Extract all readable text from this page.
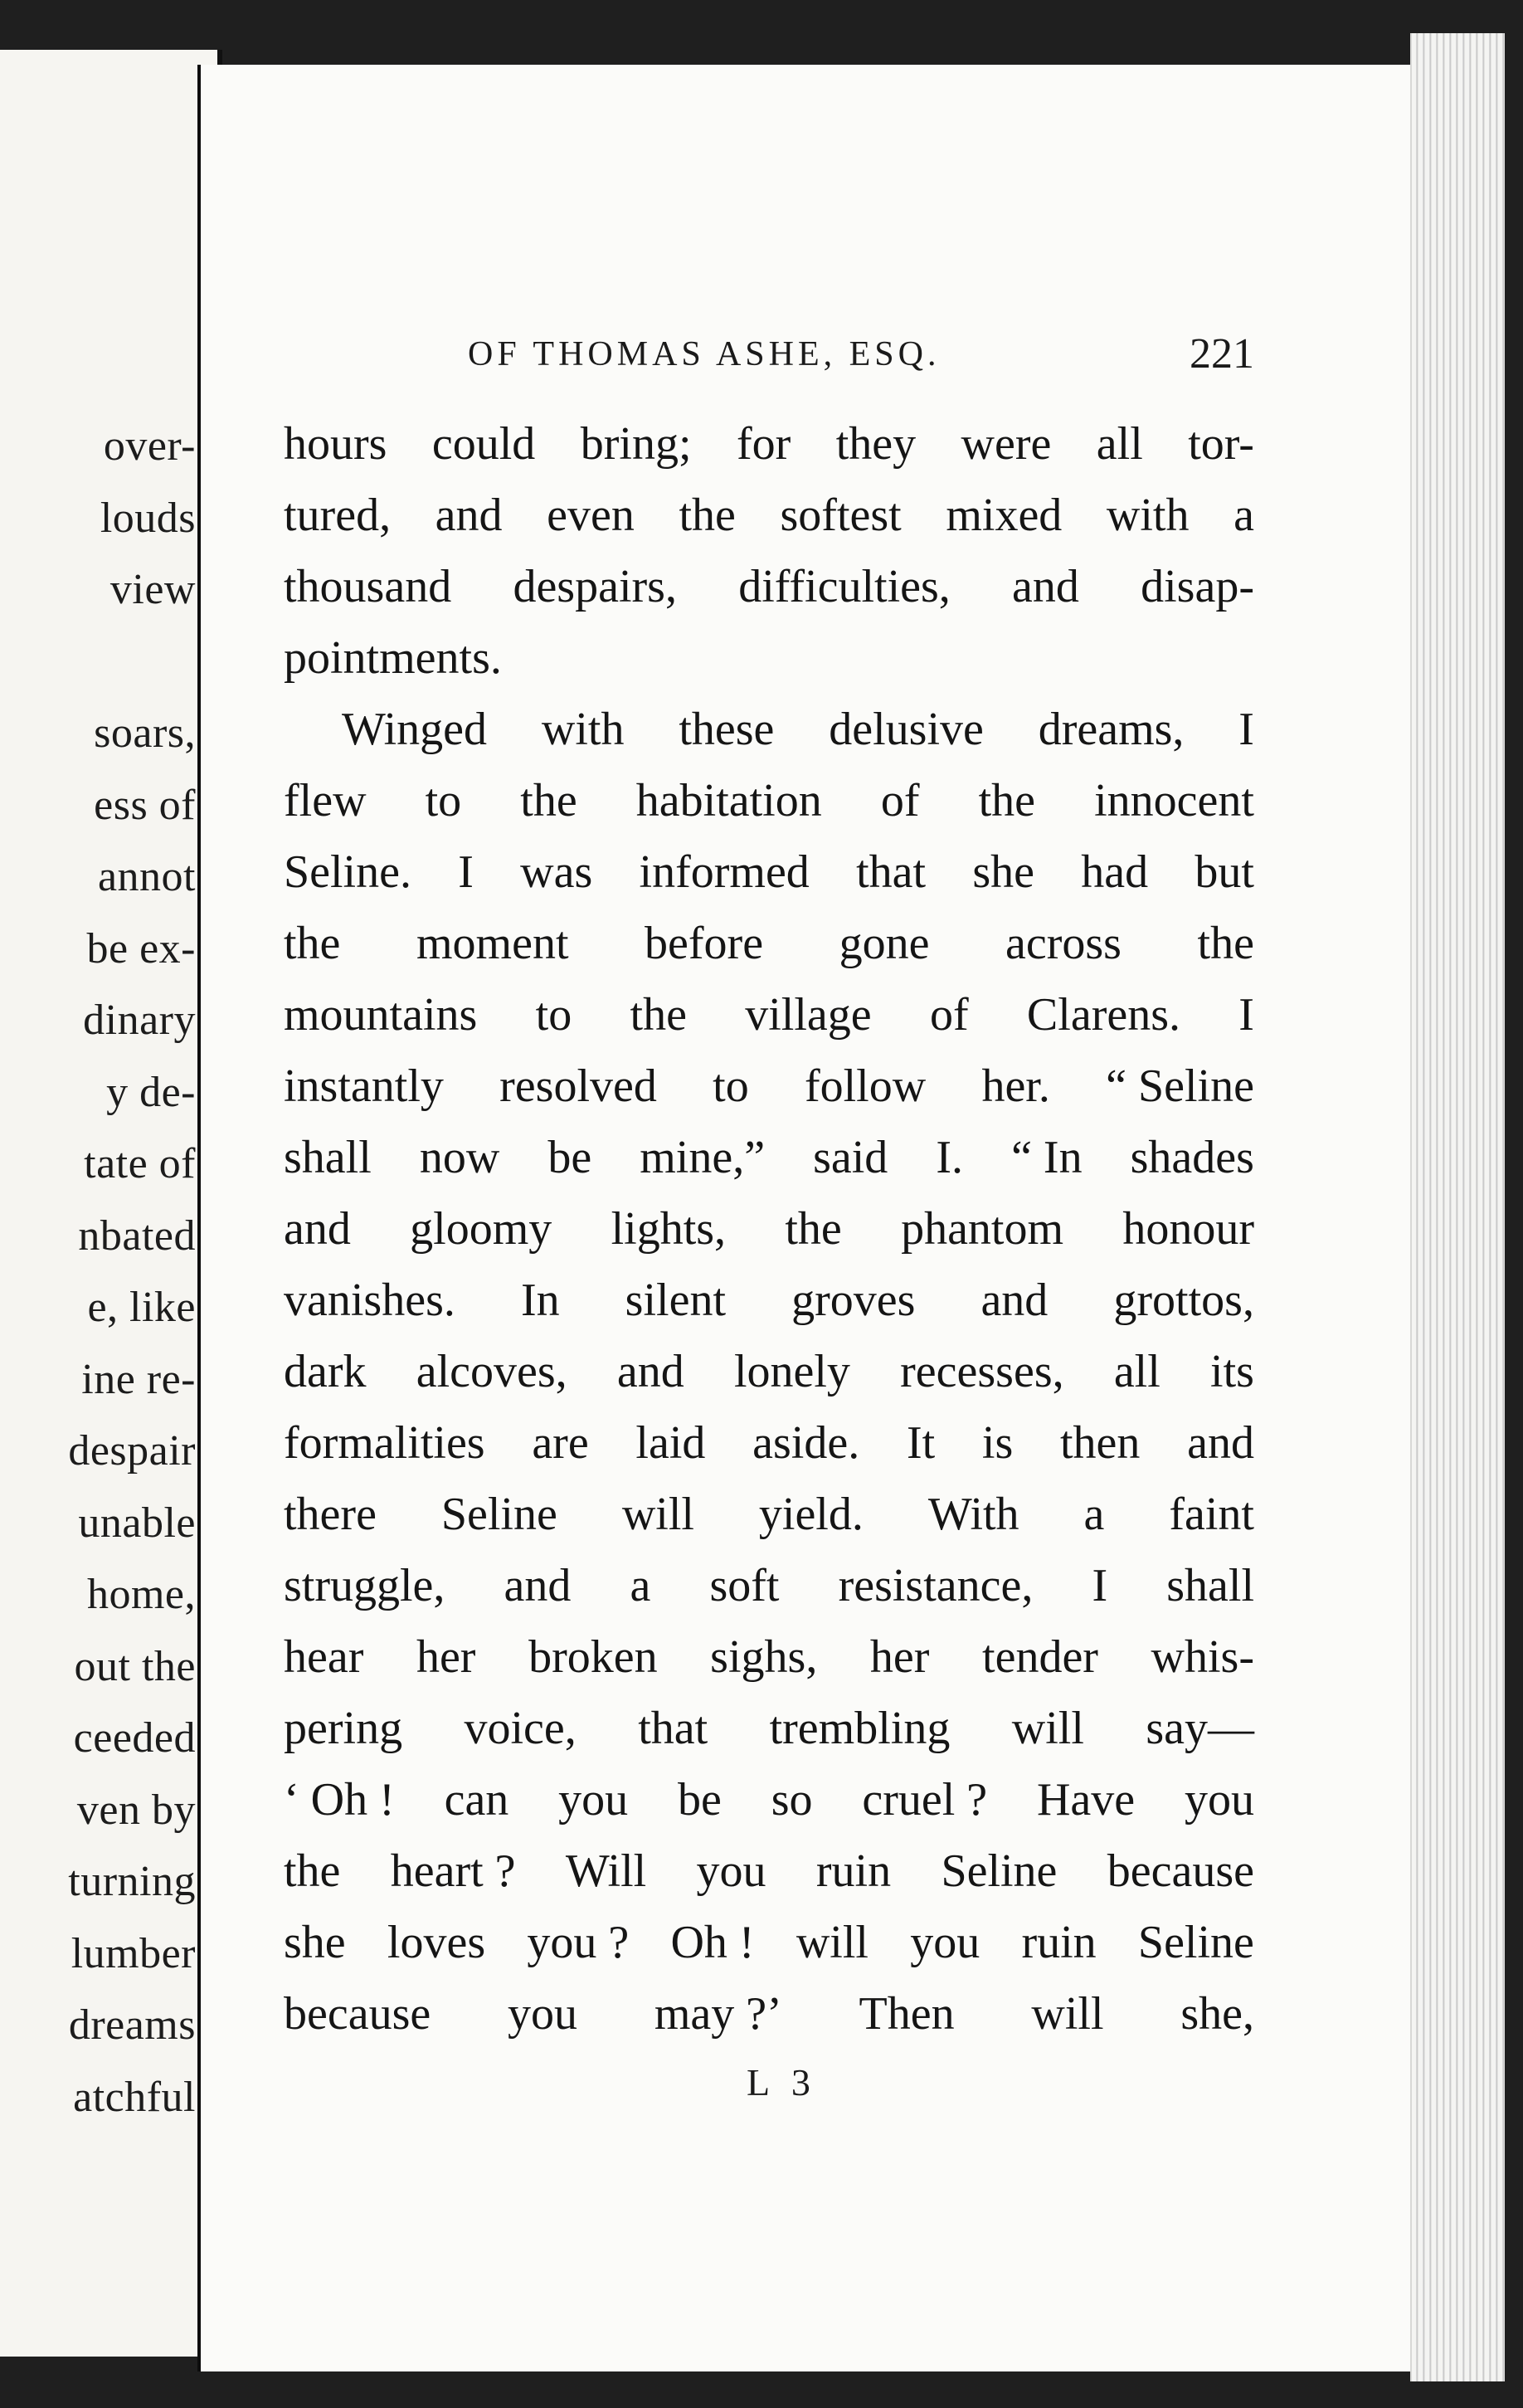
over-
louds
view
soars,
ess of
annot
be ex-
dinary
y de-
tate of
nbated
e, like
ine re-
despair
unable
home,
out the
ceeded
ven by
turning
lumber
dreams
atchful
OF THOMAS ASHE, ESQ.	221
hours could bring; for they were all tor-
tured, and even the softest mixed with a
thousand despairs, difficulties, and disap-
pointments.
Winged with these delusive dreams, I
flew to the habitation of the innocent
Seline. I was informed that she had but
the moment before gone across the
mountains to the village of Clarens. I
instantly resolved to follow her. “ Seline
shall now be mine,” said I. “ In shades
and gloomy lights, the phantom honour
vanishes. In silent groves and grottos,
dark alcoves, and lonely recesses, all its
formalities are laid aside. It is then and
there Seline will yield. With a faint
struggle, and a soft resistance, I shall
hear her broken sighs, her tender whis-
pering voice, that trembling will say—
‘ Oh ! can you be so cruel ? Have you
the heart ? Will you ruin Seline because
she loves you ? Oh ! will you ruin Seline
because you may ?’ Then will she,
L 3
